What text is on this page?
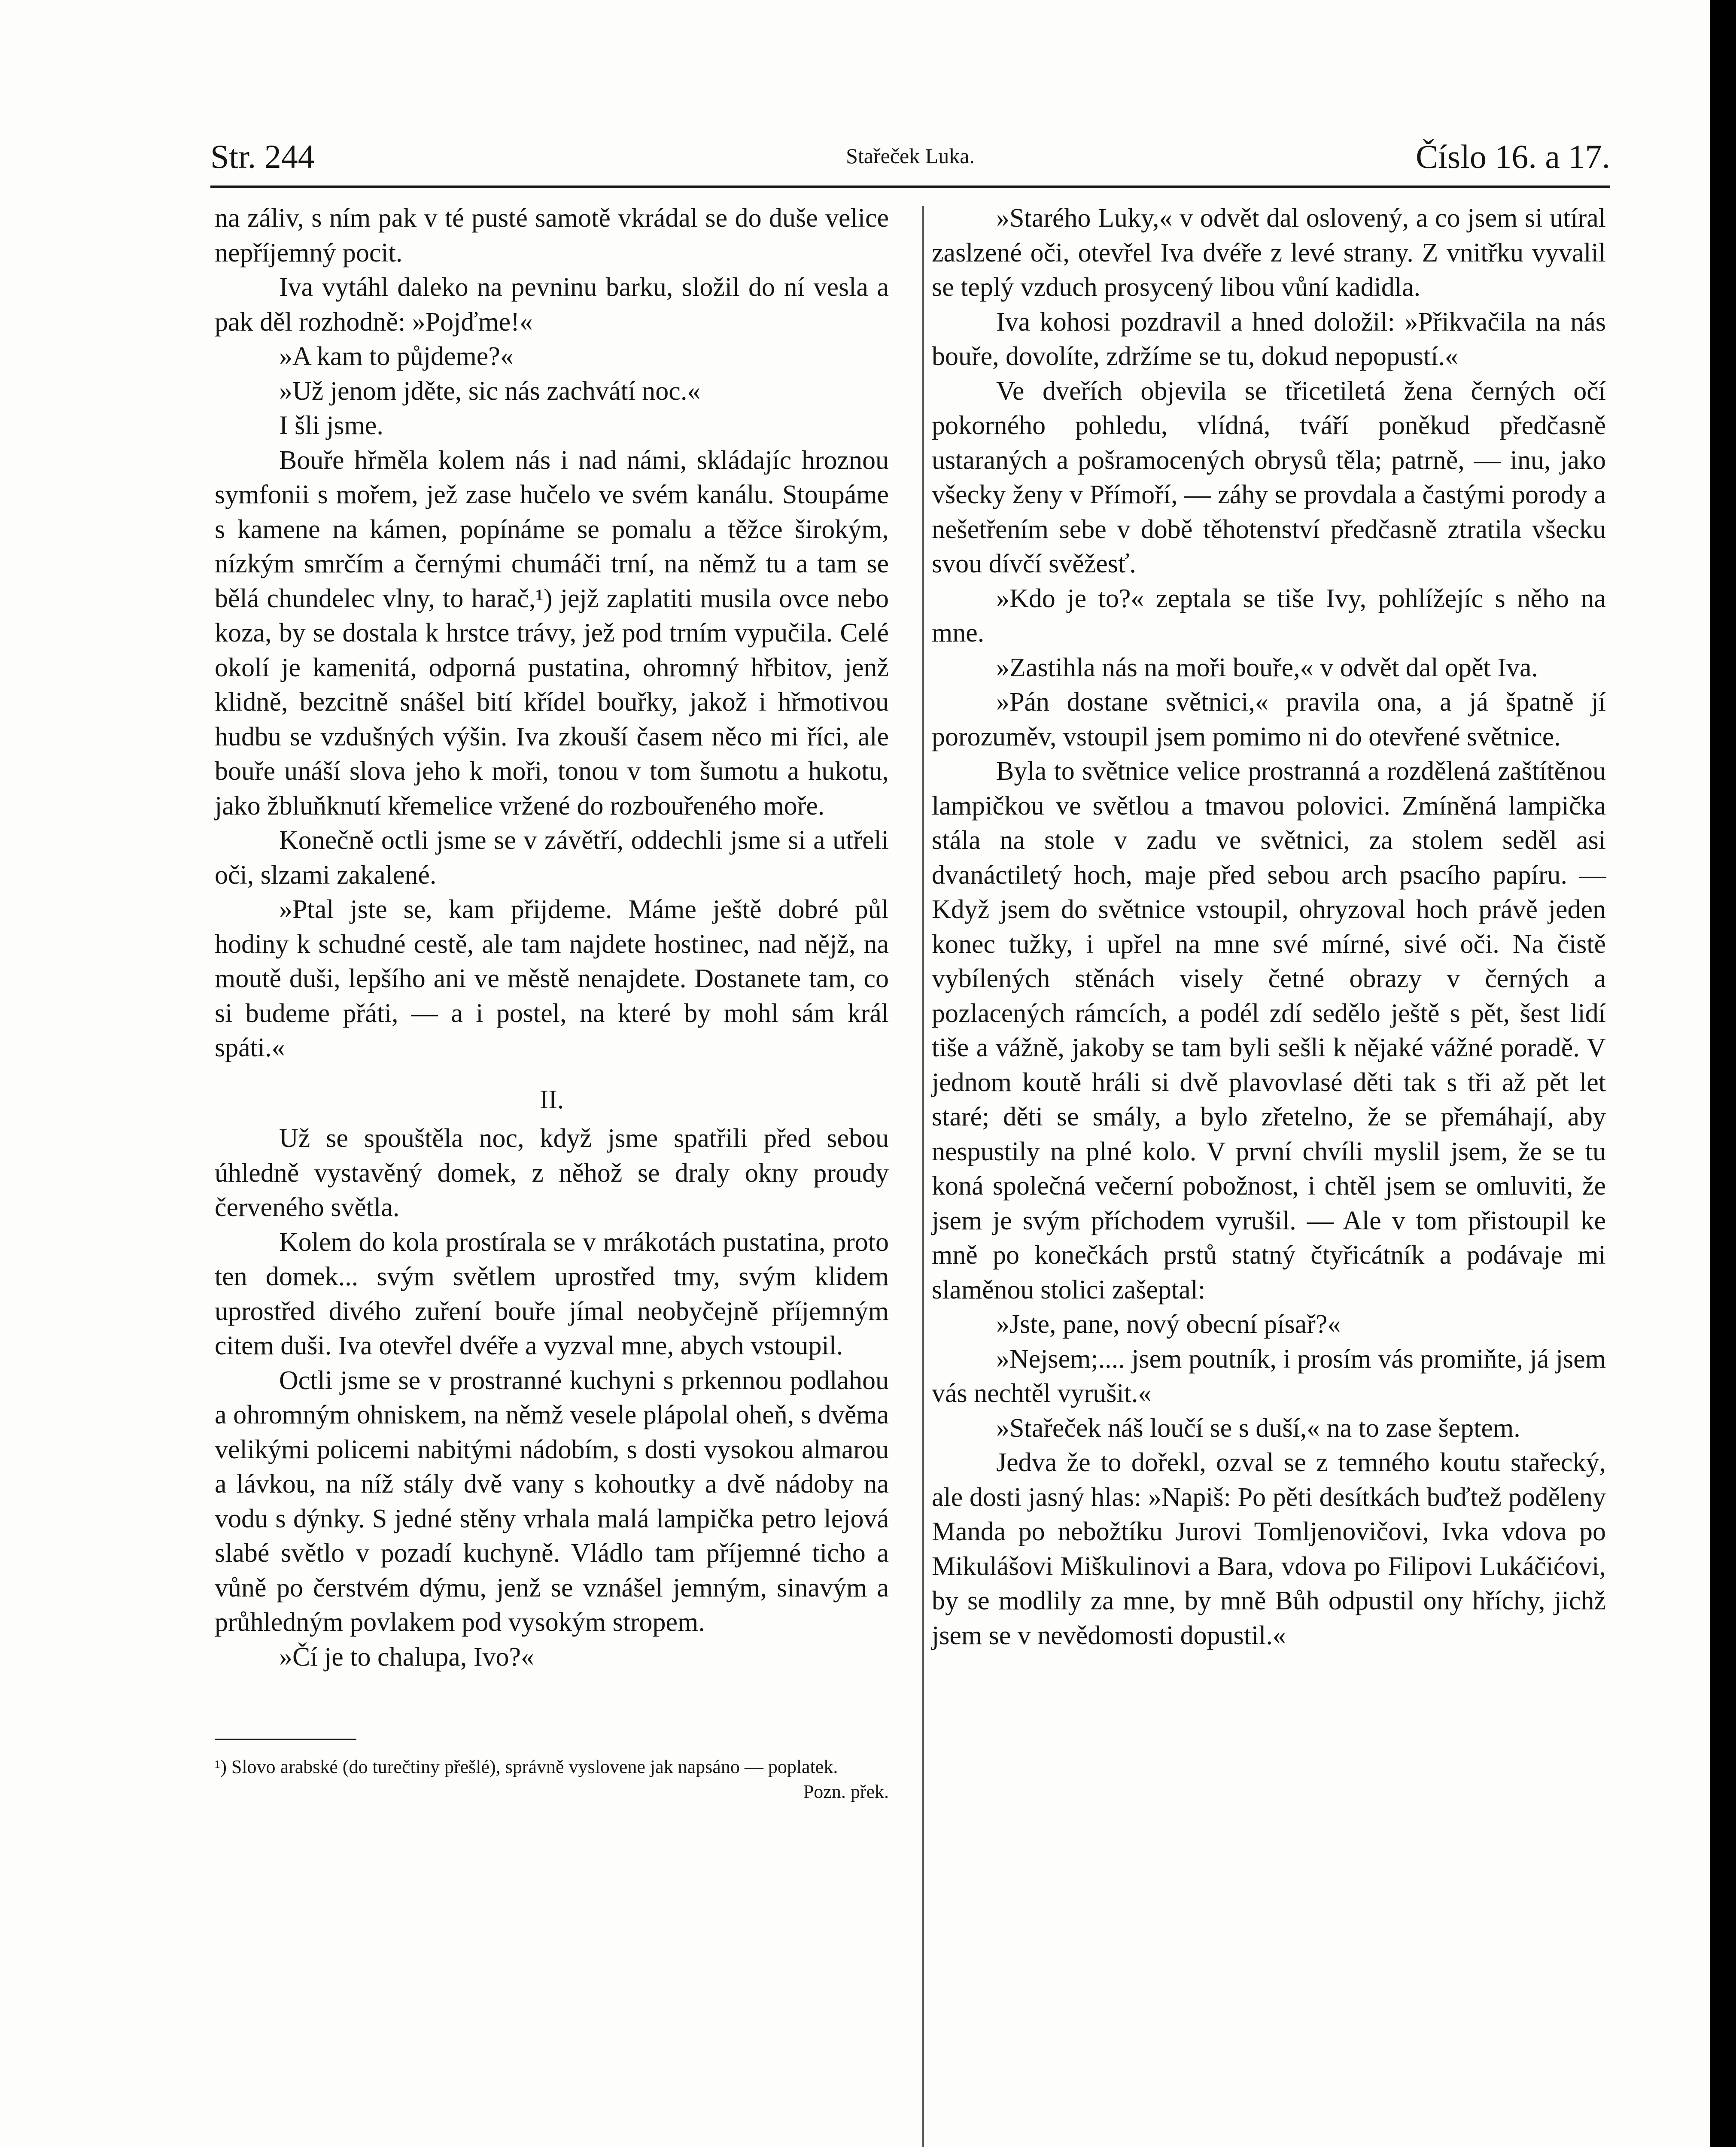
Str. 244	Stařeček Luka.	Číslo 16. a 17.

na záliv, s ním pak v té pusté samotě vkrádal se do duše velice nepříjemný pocit.

Iva vytáhl daleko na pevninu barku, složil do ní vesla a pak děl rozhodně: »Pojďme!«

»A kam to půjdeme?«

»Už jenom jděte, sic nás zachvátí noc.«

I šli jsme.

Bouře hřměla kolem nás i nad námi, skládajíc hroznou symfonii s mořem, jež zase hučelo ve svém kanálu. Stoupáme s kamene na kámen, popínáme se pomalu a těžce širokým, nízkým smrčím a černými chumáči trní, na němž tu a tam se bělá chundelec vlny, to harač,¹) jejž zaplatiti musila ovce nebo koza, by se dostala k hrstce trávy, jež pod trním vypučila. Celé okolí je kamenitá, odporná pustatina, ohromný hřbitov, jenž klidně, bezcitně snášel bití křídel bouřky, jakož i hřmotivou hudbu se vzdušných výšin. Iva zkouší časem něco mi říci, ale bouře unáší slova jeho k moři, tonou v tom šumotu a hukotu, jako žbluňknutí křemelice vržené do rozbouřeného moře.

Konečně octli jsme se v závětří, oddechli jsme si a utřeli oči, slzami zakalené.

»Ptal jste se, kam přijdeme. Máme ještě dobré půl hodiny k schudné cestě, ale tam najdete hostinec, nad nějž, na moutě duši, lepšího ani ve městě nenajdete. Dostanete tam, co si budeme přáti, — a i postel, na které by mohl sám král spáti.«

II.

Už se spouštěla noc, když jsme spatřili před sebou úhledně vystavěný domek, z něhož se draly okny proudy červeného světla.

Kolem do kola prostírala se v mrákotách pustatina, proto ten domek... svým světlem uprostřed tmy, svým klidem uprostřed divého zuření bouře jímal neobyčejně příjemným citem duši. Iva otevřel dvéře a vyzval mne, abych vstoupil.

Octli jsme se v prostranné kuchyni s prkennou podlahou a ohromným ohniskem, na němž vesele plápolal oheň, s dvěma velikými policemi nabitými nádobím, s dosti vysokou almarou a lávkou, na níž stály dvě vany s kohoutky a dvě nádoby na vodu s dýnky. S jedné stěny vrhala malá lampička petro lejová slabé světlo v pozadí kuchyně. Vládlo tam příjemné ticho a vůně po čerstvém dýmu, jenž se vznášel jemným, sinavým a průhledným povlakem pod vysokým stropem.

»Čí je to chalupa, Ivo?«

¹) Slovo arabské (do turečtiny přešlé), správně vyslovene jak napsáno — poplatek.
Pozn. přek.

»Starého Luky,« v odvět dal oslovený, a co jsem si utíral zaslzené oči, otevřel Iva dvéře z levé strany. Z vnitřku vyvalil se teplý vzduch prosycený libou vůní kadidla.

Iva kohosi pozdravil a hned doložil: »Přikvačila na nás bouře, dovolíte, zdržíme se tu, dokud nepopustí.«

Ve dveřích objevila se třicetiletá žena černých očí pokorného pohledu, vlídná, tváří poněkud předčasně ustaraných a pošramocených obrysů těla; patrně, — inu, jako všecky ženy v Přímoří, — záhy se provdala a častými porody a nešetřením sebe v době těhotenství předčasně ztratila všecku svou dívčí svěžesť.

»Kdo je to?« zeptala se tiše Ivy, pohlížejíc s něho na mne.

»Zastihla nás na moři bouře,« v odvět dal opět Iva.

»Pán dostane světnici,« pravila ona, a já špatně jí porozuměv, vstoupil jsem pomimo ni do otevřené světnice.

Byla to světnice velice prostranná a rozdělená zaštítěnou lampičkou ve světlou a tmavou polovici. Zmíněná lampička stála na stole v zadu ve světnici, za stolem seděl asi dvanáctiletý hoch, maje před sebou arch psacího papíru. — Když jsem do světnice vstoupil, ohryzoval hoch právě jeden konec tužky, i upřel na mne své mírné, sivé oči. Na čistě vybílených stěnách visely četné obrazy v černých a pozlacených rámcích, a podél zdí sedělo ještě s pět, šest lidí tiše a vážně, jakoby se tam byli sešli k nějaké vážné poradě. V jednom koutě hráli si dvě plavovlasé děti tak s tři až pět let staré; děti se smály, a bylo zřetelno, že se přemáhají, aby nespustily na plné kolo. V první chvíli myslil jsem, že se tu koná společná večerní pobožnost, i chtěl jsem se omluviti, že jsem je svým příchodem vyrušil. — Ale v tom přistoupil ke mně po konečkách prstů statný čtyřicátník a podávaje mi slaměnou stolici zašeptal:

»Jste, pane, nový obecní písař?«

»Nejsem;.... jsem poutník, i prosím vás promiňte, já jsem vás nechtěl vyrušit.«

»Stařeček náš loučí se s duší,« na to zase šeptem.

Jedva že to dořekl, ozval se z temného koutu stařecký, ale dosti jasný hlas: »Napiš: Po pěti desítkách buďtež poděleny Manda po nebožtíku Jurovi Tomljenovičovi, Ivka vdova po Mikulášovi Miškulinovi a Bara, vdova po Filipovi Lukáčićovi, by se modlily za mne, by mně Bůh odpustil ony hříchy, jichž jsem se v nevědomosti dopustil.«
